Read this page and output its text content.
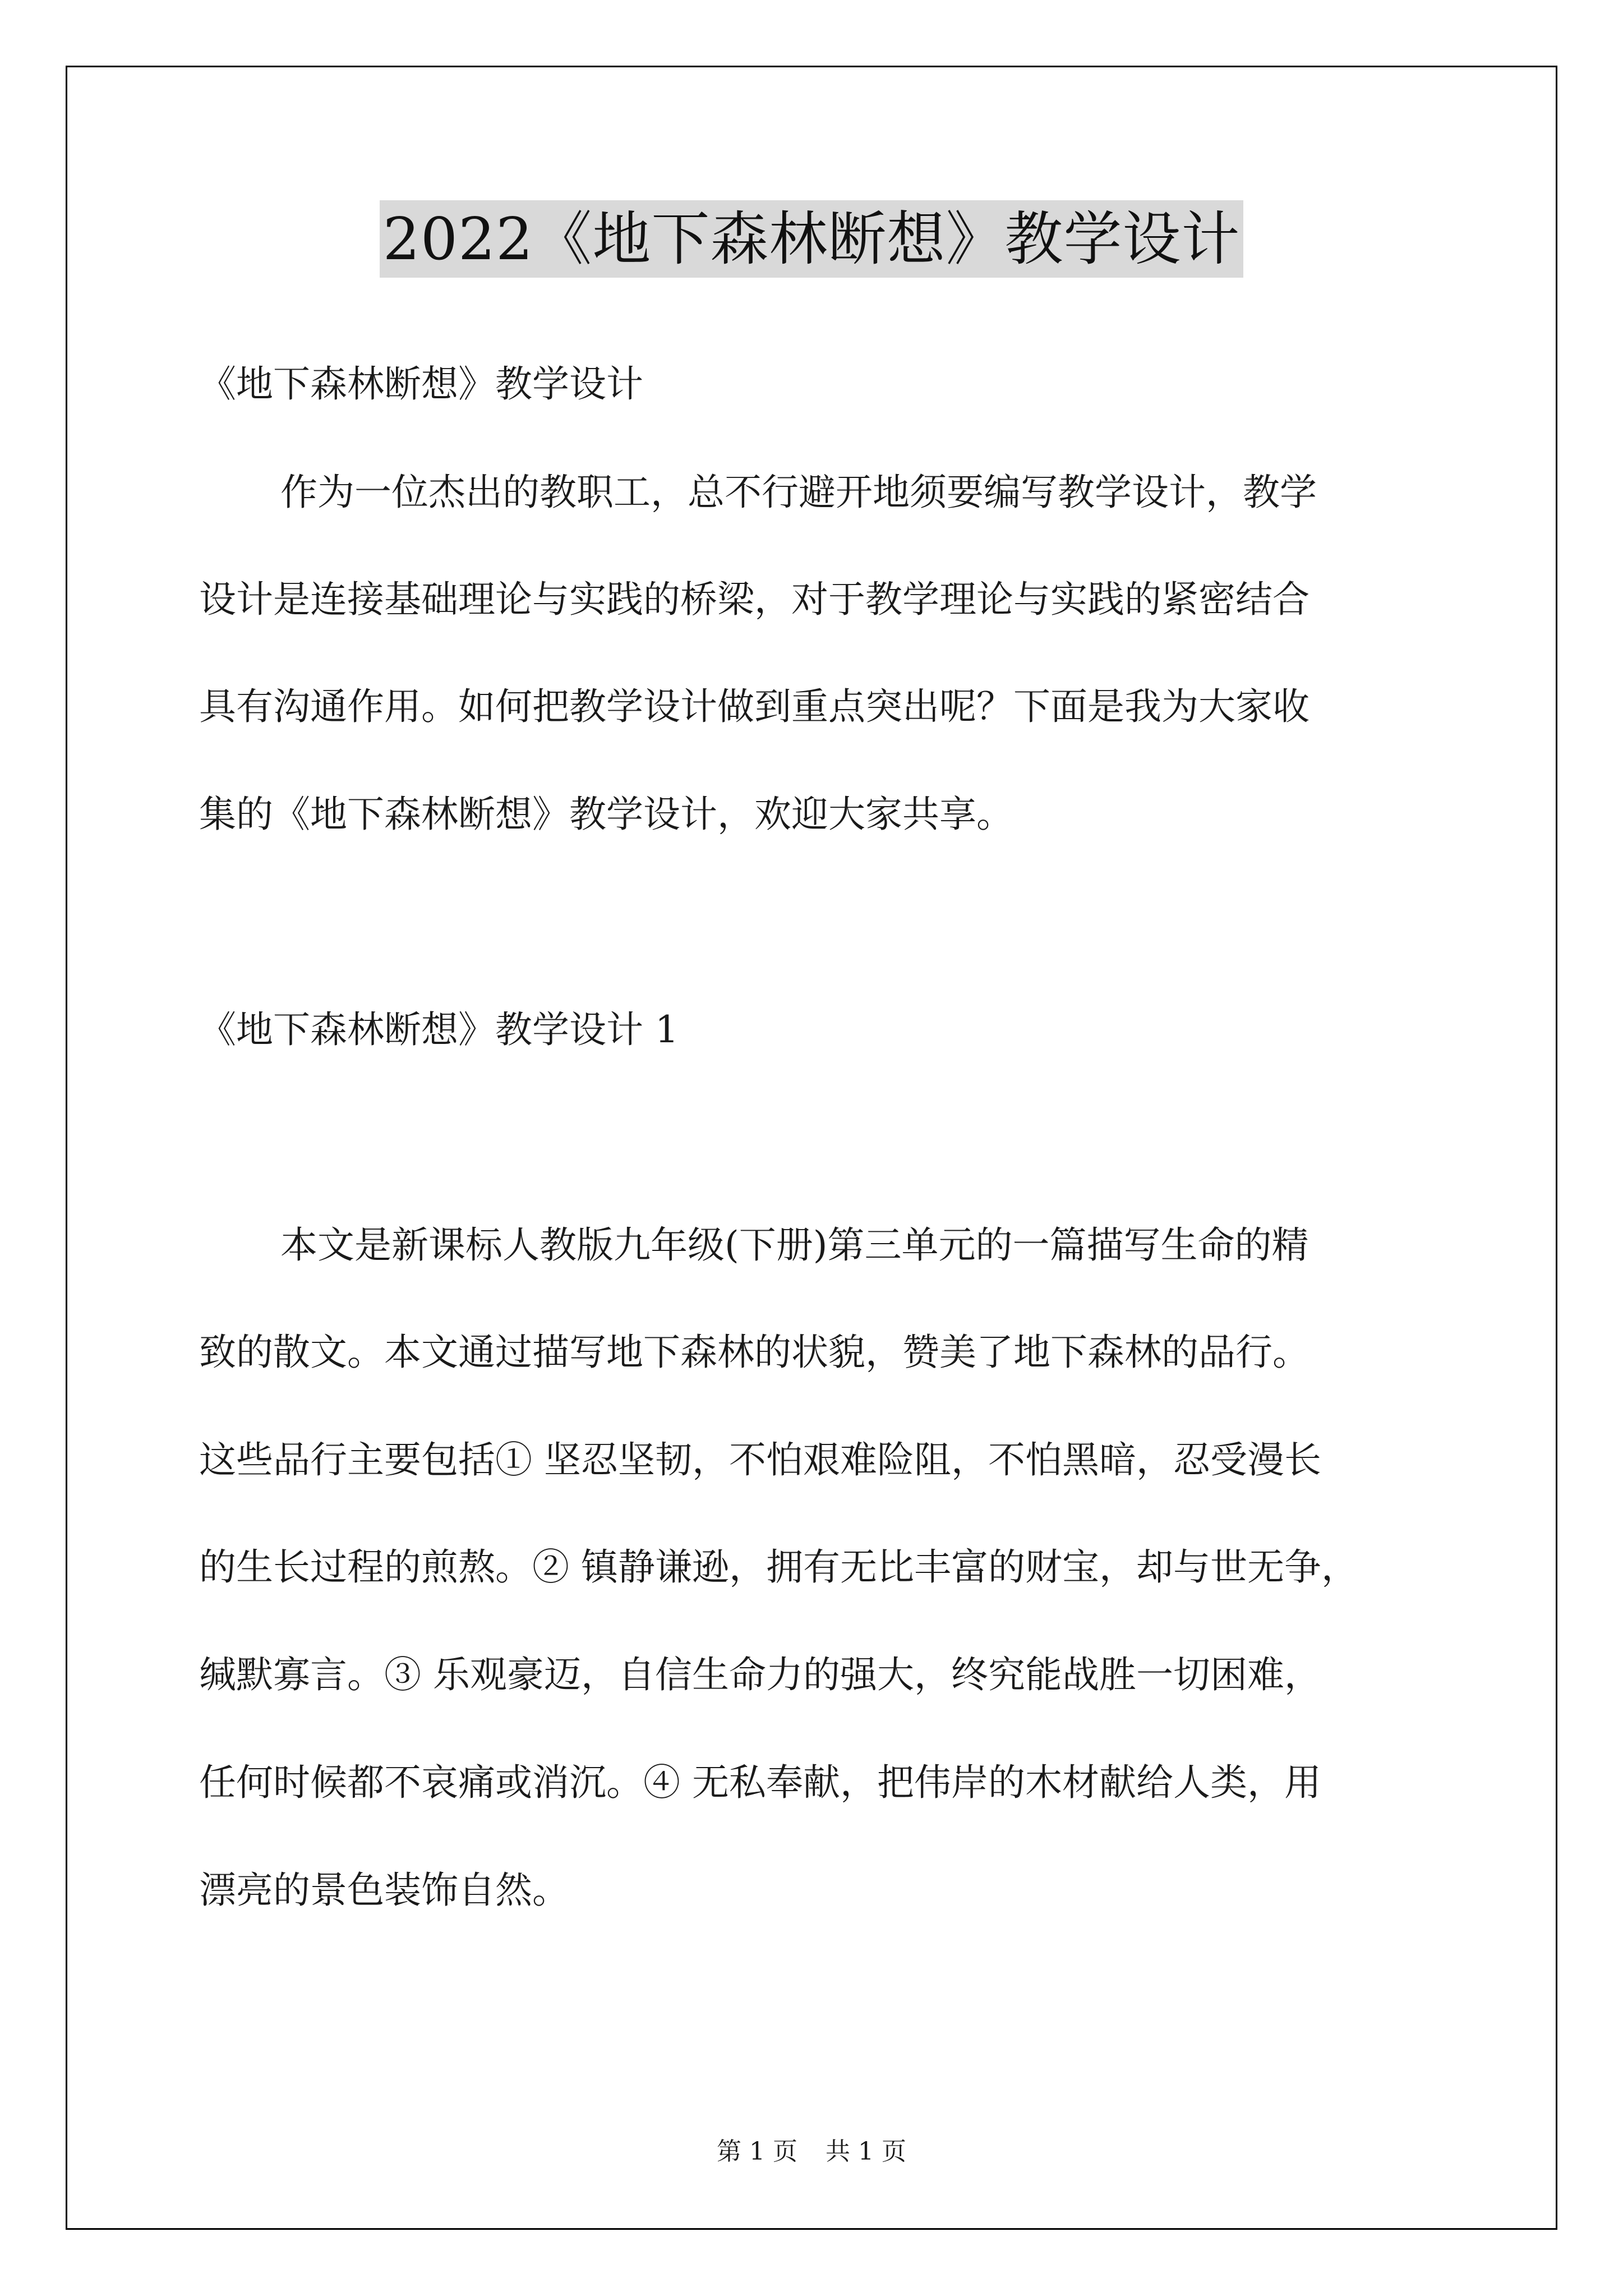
2022《地下森林断想》教学设计
《地下森林断想》教学设计
作为一位杰出的教职工，总不行避开地须要编写教学设计，教学
设计是连接基础理论与实践的桥梁，对于教学理论与实践的紧密结合
具有沟通作用。如何把教学设计做到重点突出呢？下面是我为大家收
集的《地下森林断想》教学设计，欢迎大家共享。
《地下森林断想》教学设计 1
本文是新课标人教版九年级(下册)第三单元的一篇描写生命的精
致的散文。本文通过描写地下森林的状貌，赞美了地下森林的品行。
这些品行主要包括① 坚忍坚韧，不怕艰难险阻，不怕黑暗，忍受漫长
的生长过程的煎熬。② 镇静谦逊，拥有无比丰富的财宝，却与世无争，
缄默寡言。③ 乐观豪迈，自信生命力的强大，终究能战胜一切困难，
任何时候都不哀痛或消沉。④ 无私奉献，把伟岸的木材献给人类，用
漂亮的景色装饰自然。
第 1 页 共 1 页
